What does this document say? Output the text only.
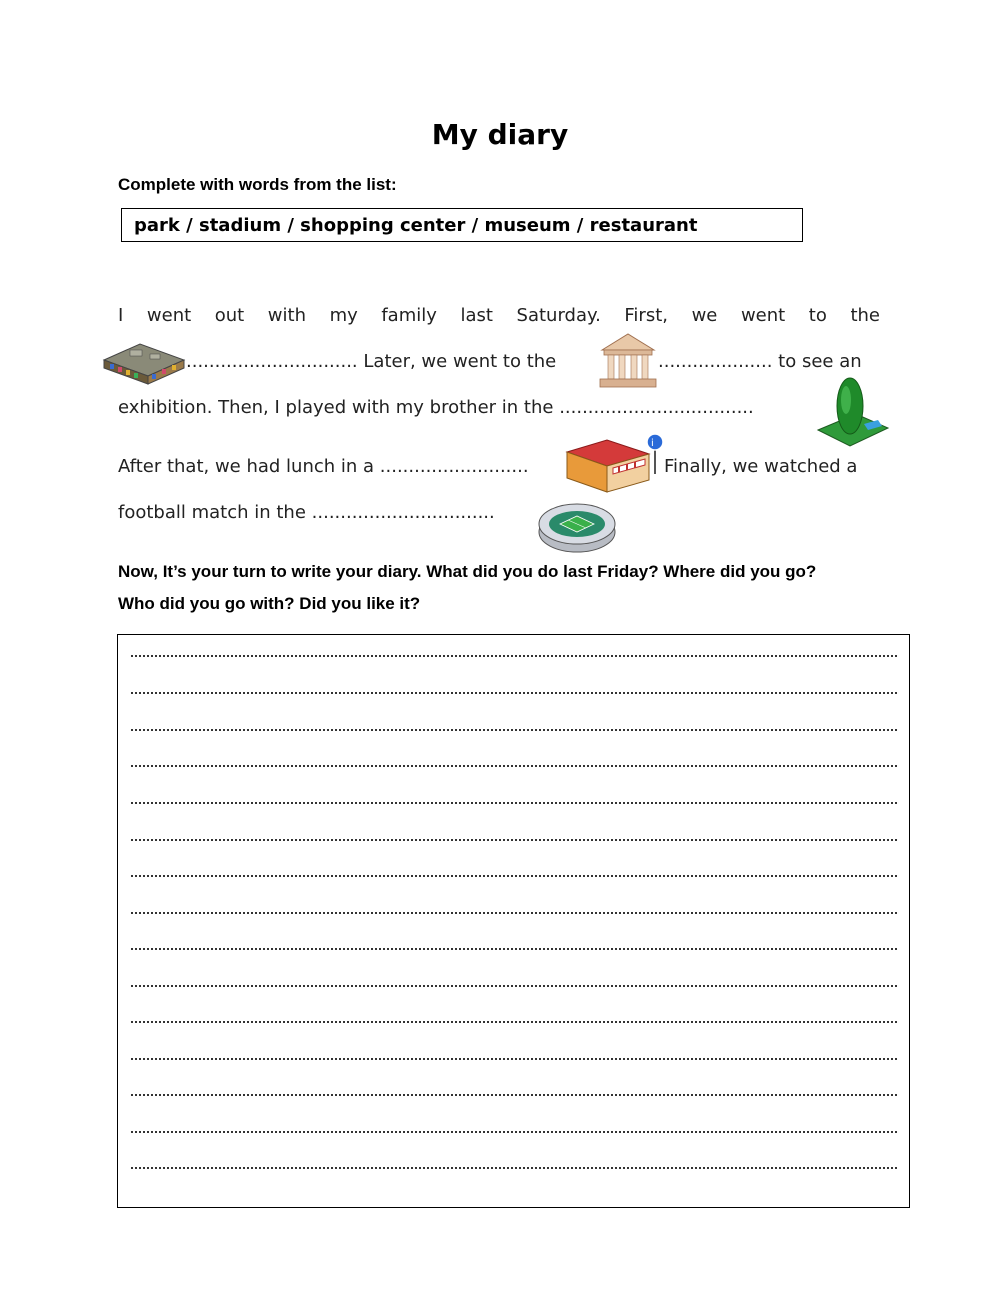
My diary
Complete with words from the list:
park / stadium / shopping center / museum / restaurant
I went out with my family last Saturday. First, we went to the
.............................. Later, we went to the	.................... to see an
exhibition. Then, I played with my brother in the ..................................
After that, we had lunch in a ..........................
i
Finally, we watched a
football match in the ................................
Now, It’s your turn to write your diary. What did you do last Friday? Where did you go?
Who did you go with? Did you like it?
